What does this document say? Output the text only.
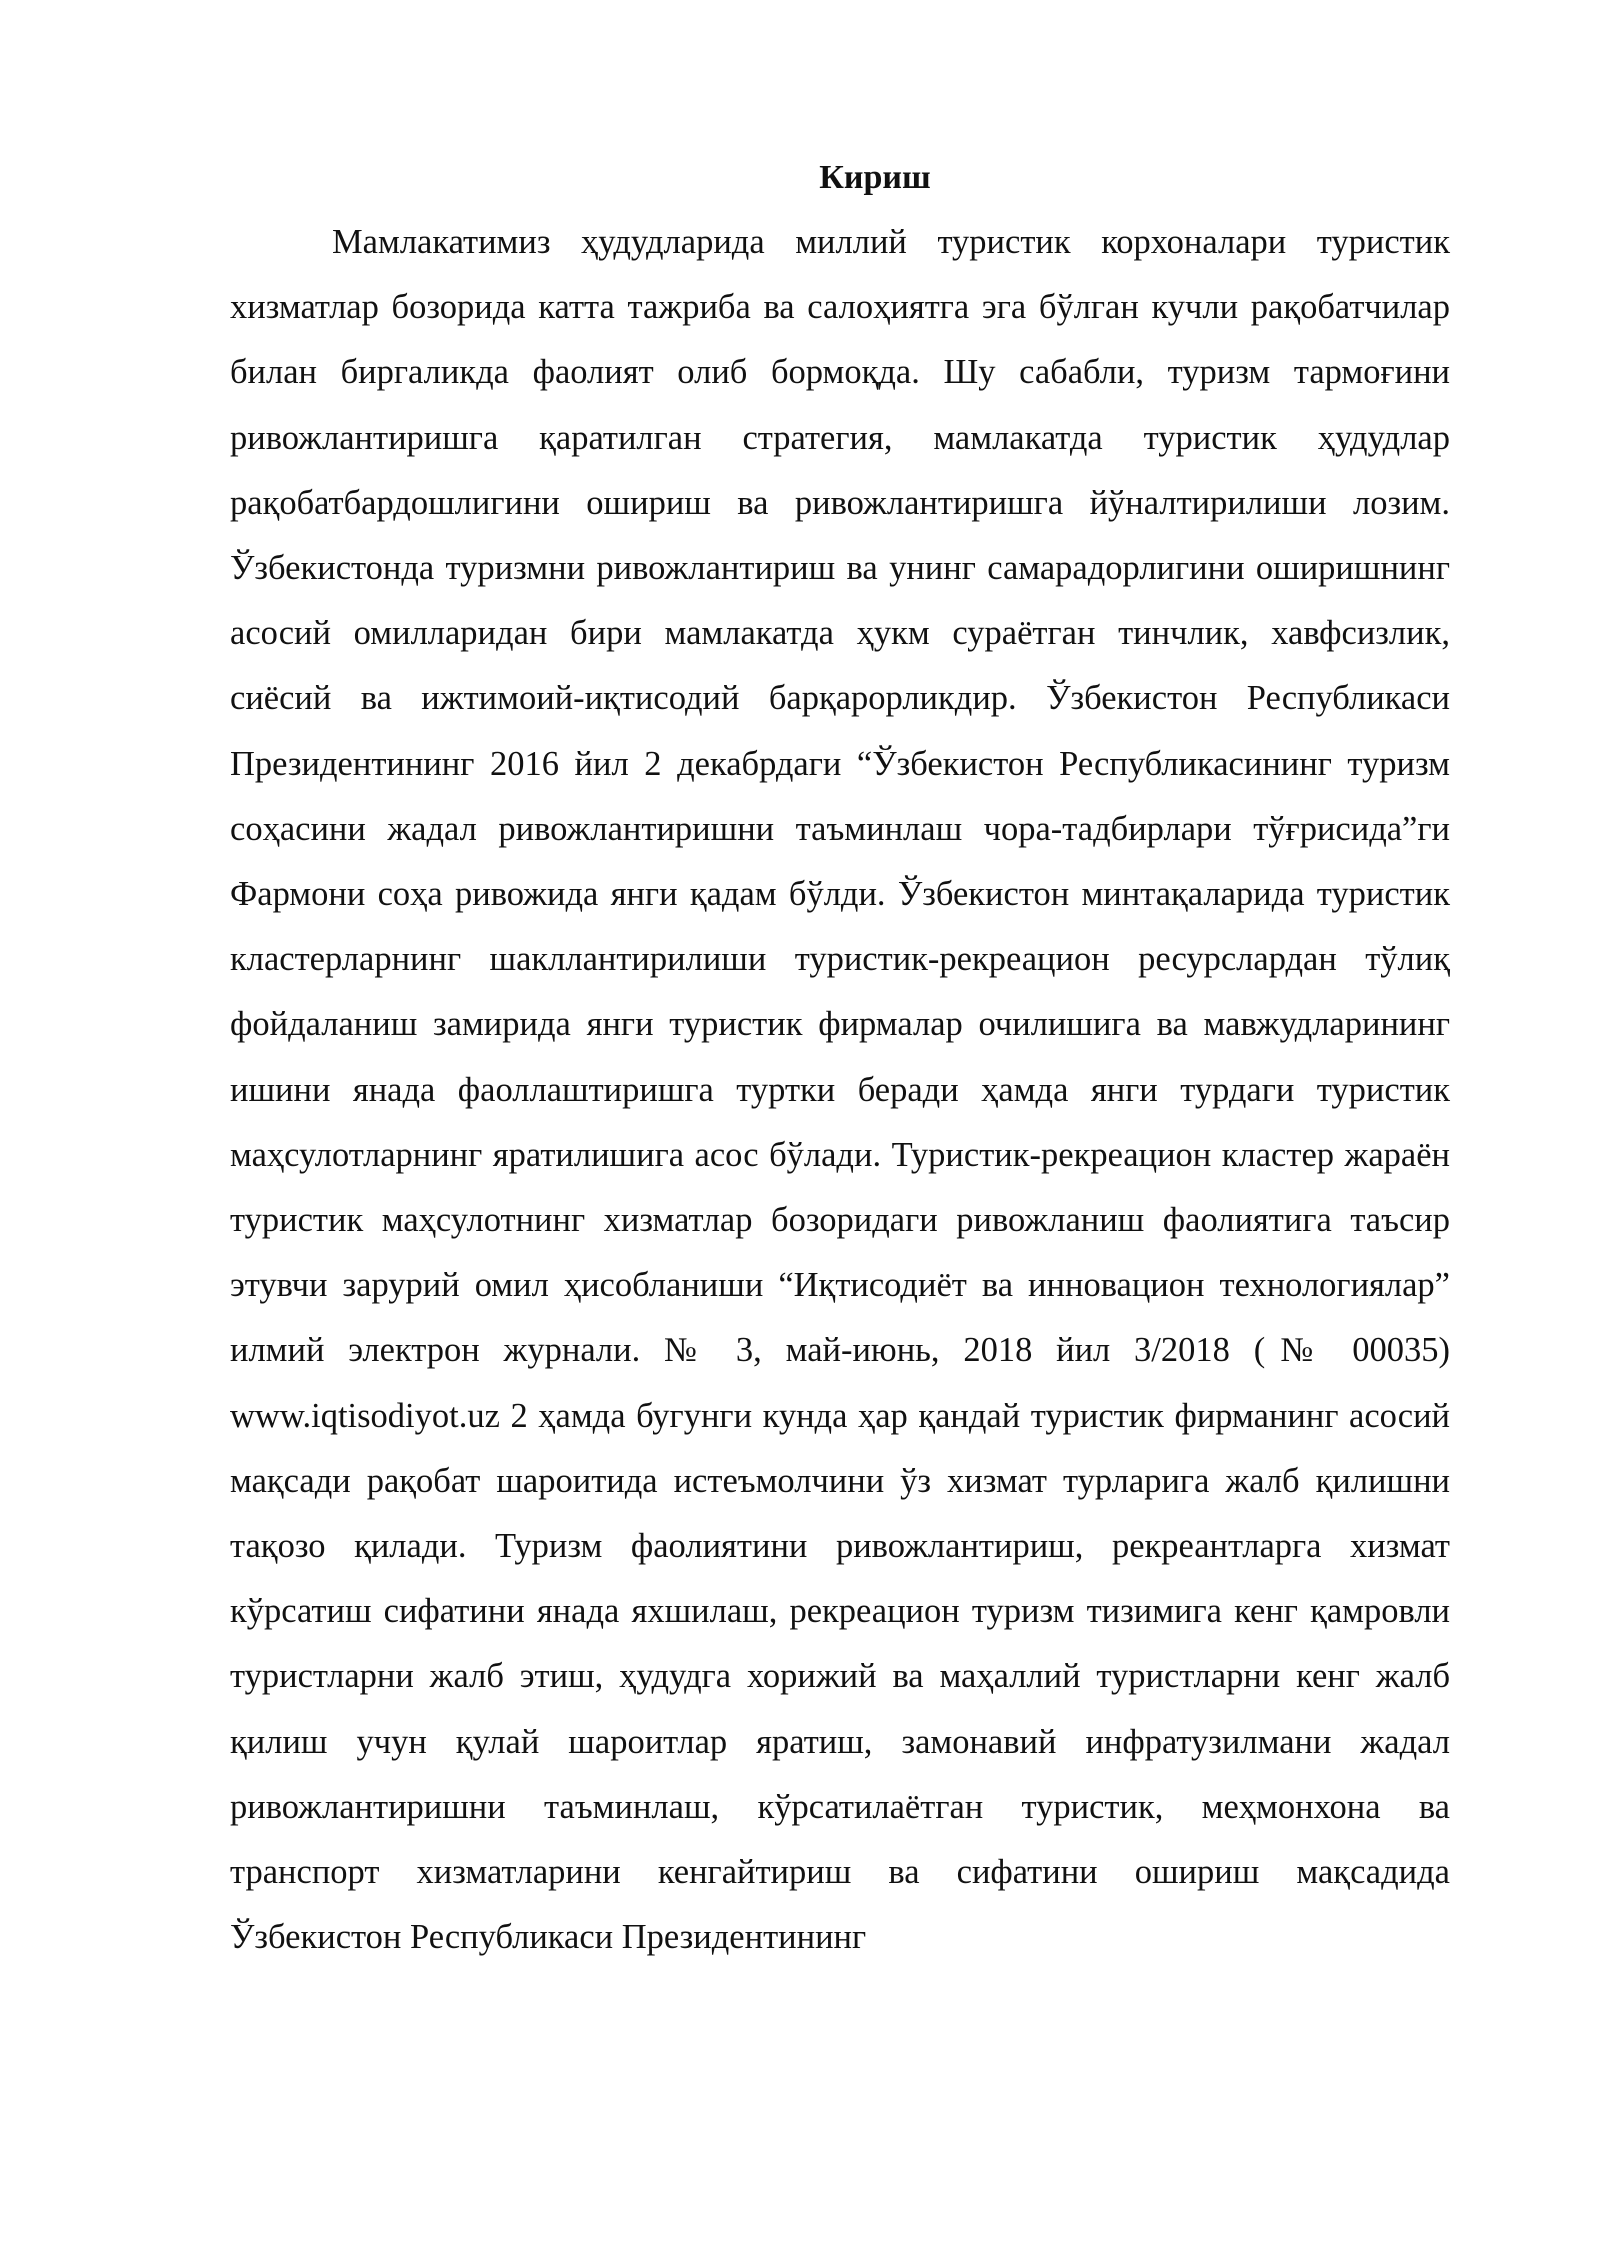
Кириш

Мамлакатимиз ҳудудларида миллий туристик корхоналари туристик хизматлар бозорида катта тажриба ва салоҳиятга эга бўлган кучли рақобатчилар билан биргаликда фаолият олиб бормоқда. Шу сабабли, туризм тармоғини ривожлантиришга қаратилган стратегия, мамлакатда туристик ҳудудлар рақобатбардошлигини ошириш ва ривожлантиришга йўналтирилиши лозим. Ўзбекистонда туризмни ривожлантириш ва унинг самарадорлигини оширишнинг асосий омилларидан бири мамлакатда ҳукм сураётган тинчлик, хавфсизлик, сиёсий ва ижтимоий-иқтисодий барқарорликдир. Ўзбекистон Республикаси Президентининг 2016 йил 2 декабрдаги “Ўзбекистон Республикасининг туризм соҳасини жадал ривожлантиришни таъминлаш чора-тадбирлари тўғрисида”ги Фармони соҳа ривожида янги қадам бўлди. Ўзбекистон минтақаларида туристик кластерларнинг шакллантирилиши туристик-рекреацион ресурслардан тўлиқ фойдаланиш замирида янги туристик фирмалар очилишига ва мавжудларининг ишини янада фаоллаштиришга туртки беради ҳамда янги турдаги туристик маҳсулотларнинг яратилишига асос бўлади. Туристик-рекреацион кластер жараён туристик маҳсулотнинг хизматлар бозоридаги ривожланиш фаолиятига таъсир этувчи зарурий омил ҳисобланиши “Иқтисодиёт ва инновацион технологиялар” илмий электрон журнали. № 3, май-июнь, 2018 йил 3/2018 (№ 00035) www.iqtisodiyot.uz 2 ҳамда бугунги кунда ҳар қандай туристик фирманинг асосий мақсади рақобат шароитида истеъмолчини ўз хизмат турларига жалб қилишни тақозо қилади. Туризм фаолиятини ривожлантириш, рекреантларга хизмат кўрсатиш сифатини янада яхшилаш, рекреацион туризм тизимига кенг қамровли туристларни жалб этиш, ҳудудга хорижий ва маҳаллий туристларни кенг жалб қилиш учун қулай шароитлар яратиш, замонавий инфратузилмани жадал ривожлантиришни таъминлаш, кўрсатилаётган туристик, меҳмонхона ва транспорт хизматларини кенгайтириш ва сифатини ошириш мақсадида Ўзбекистон Республикаси Президентининг
